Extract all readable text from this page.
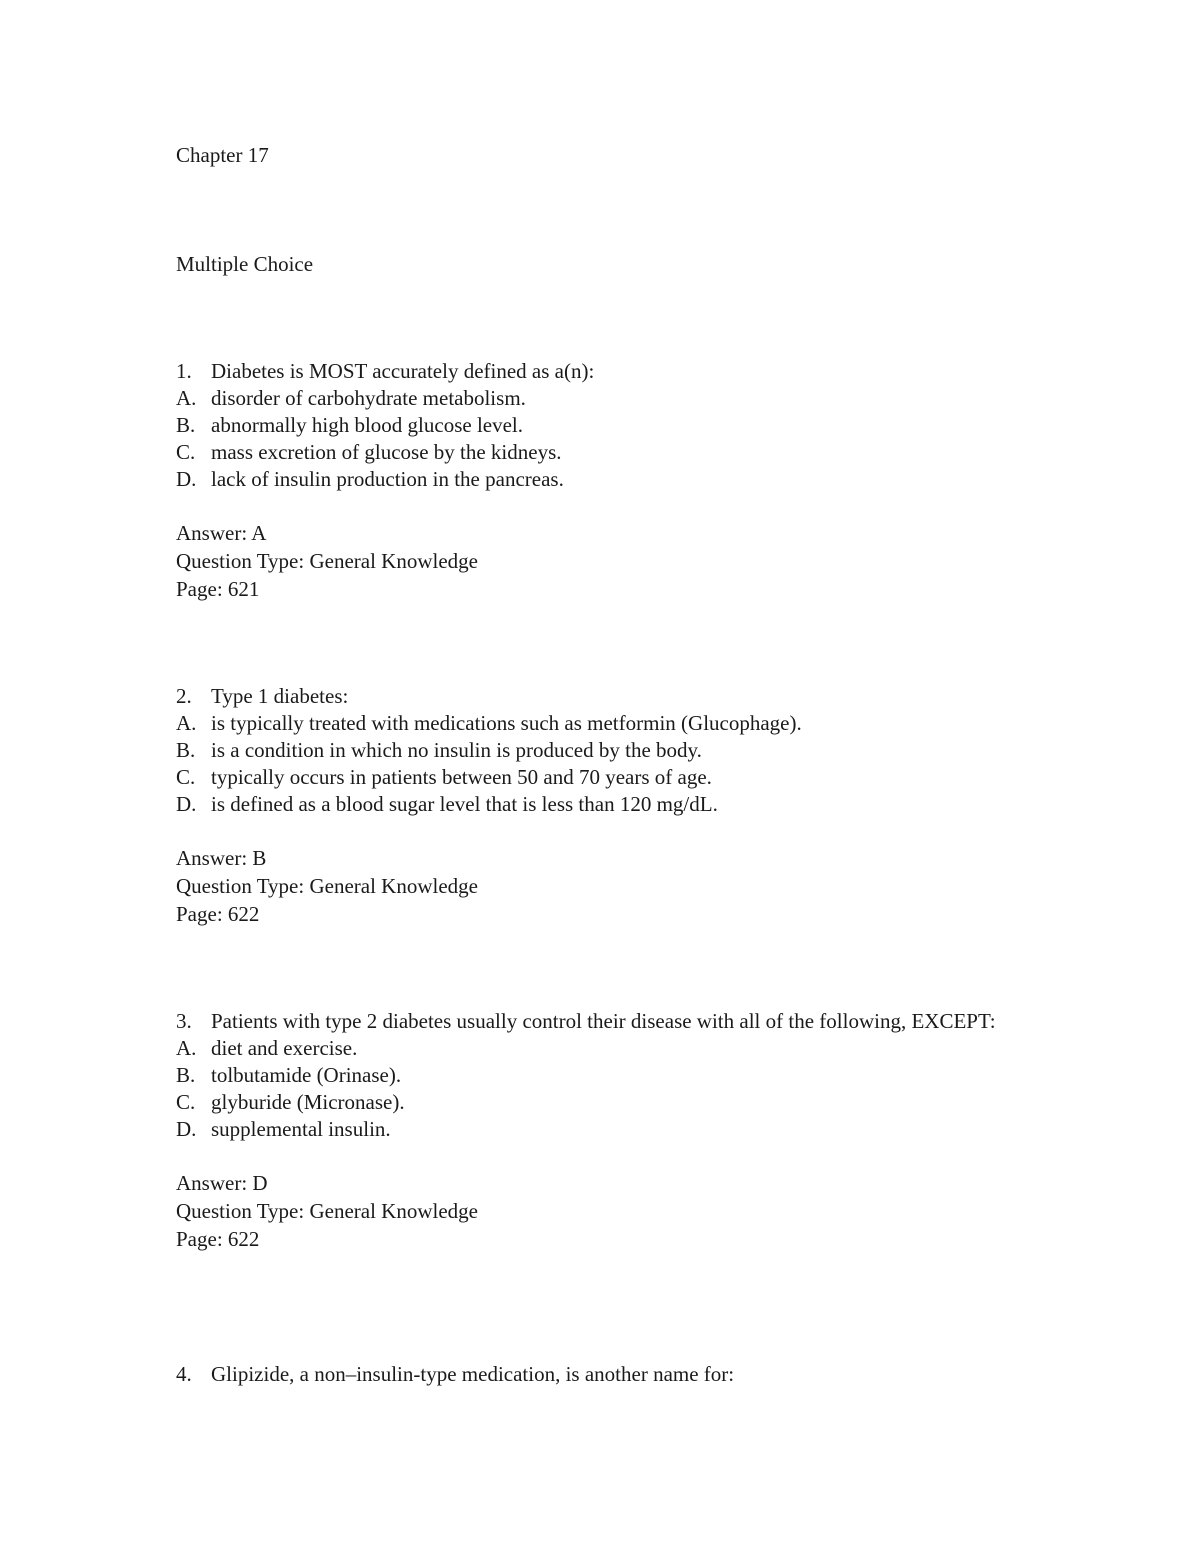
Chapter 17
Multiple Choice
1. Diabetes is MOST accurately defined as a(n):
A. disorder of carbohydrate metabolism.
B. abnormally high blood glucose level.
C. mass excretion of glucose by the kidneys.
D. lack of insulin production in the pancreas.
Answer: A
Question Type: General Knowledge
Page: 621
2. Type 1 diabetes:
A. is typically treated with medications such as metformin (Glucophage).
B. is a condition in which no insulin is produced by the body.
C. typically occurs in patients between 50 and 70 years of age.
D. is defined as a blood sugar level that is less than 120 mg/dL.
Answer: B
Question Type: General Knowledge
Page: 622
3. Patients with type 2 diabetes usually control their disease with all of the following, EXCEPT:
A. diet and exercise.
B. tolbutamide (Orinase).
C. glyburide (Micronase).
D. supplemental insulin.
Answer: D
Question Type: General Knowledge
Page: 622
4. Glipizide, a non–insulin-type medication, is another name for:
